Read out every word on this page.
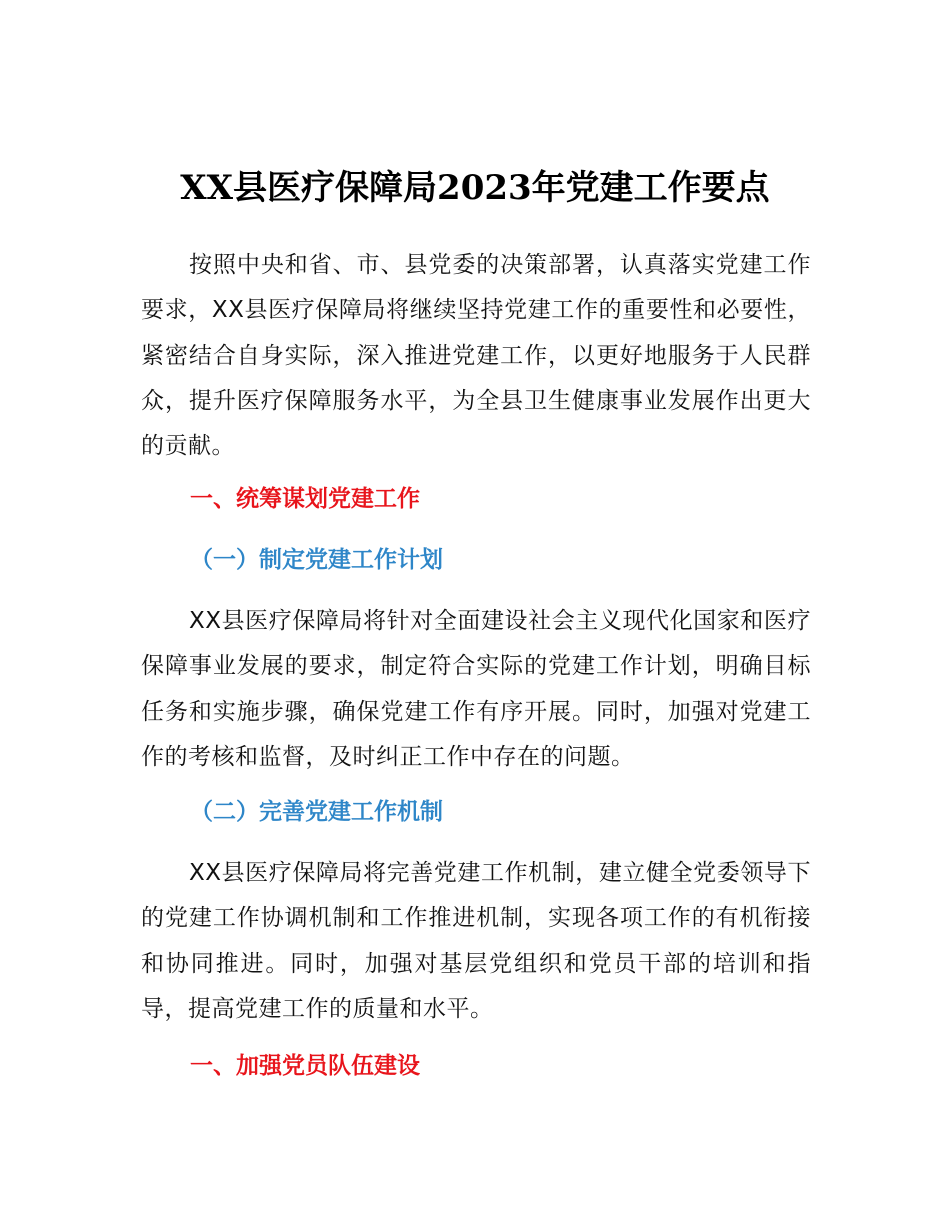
XX县医疗保障局2023年党建工作要点

按照中央和省、市、县党委的决策部署，认真落实党建工作要求，XX县医疗保障局将继续坚持党建工作的重要性和必要性，紧密结合自身实际，深入推进党建工作，以更好地服务于人民群众，提升医疗保障服务水平，为全县卫生健康事业发展作出更大的贡献。

一、统筹谋划党建工作
（一）制定党建工作计划

XX县医疗保障局将针对全面建设社会主义现代化国家和医疗保障事业发展的要求，制定符合实际的党建工作计划，明确目标任务和实施步骤，确保党建工作有序开展。同时，加强对党建工作的考核和监督，及时纠正工作中存在的问题。

（二）完善党建工作机制

XX县医疗保障局将完善党建工作机制，建立健全党委领导下的党建工作协调机制和工作推进机制，实现各项工作的有机衔接和协同推进。同时，加强对基层党组织和党员干部的培训和指导，提高党建工作的质量和水平。

一、加强党员队伍建设
